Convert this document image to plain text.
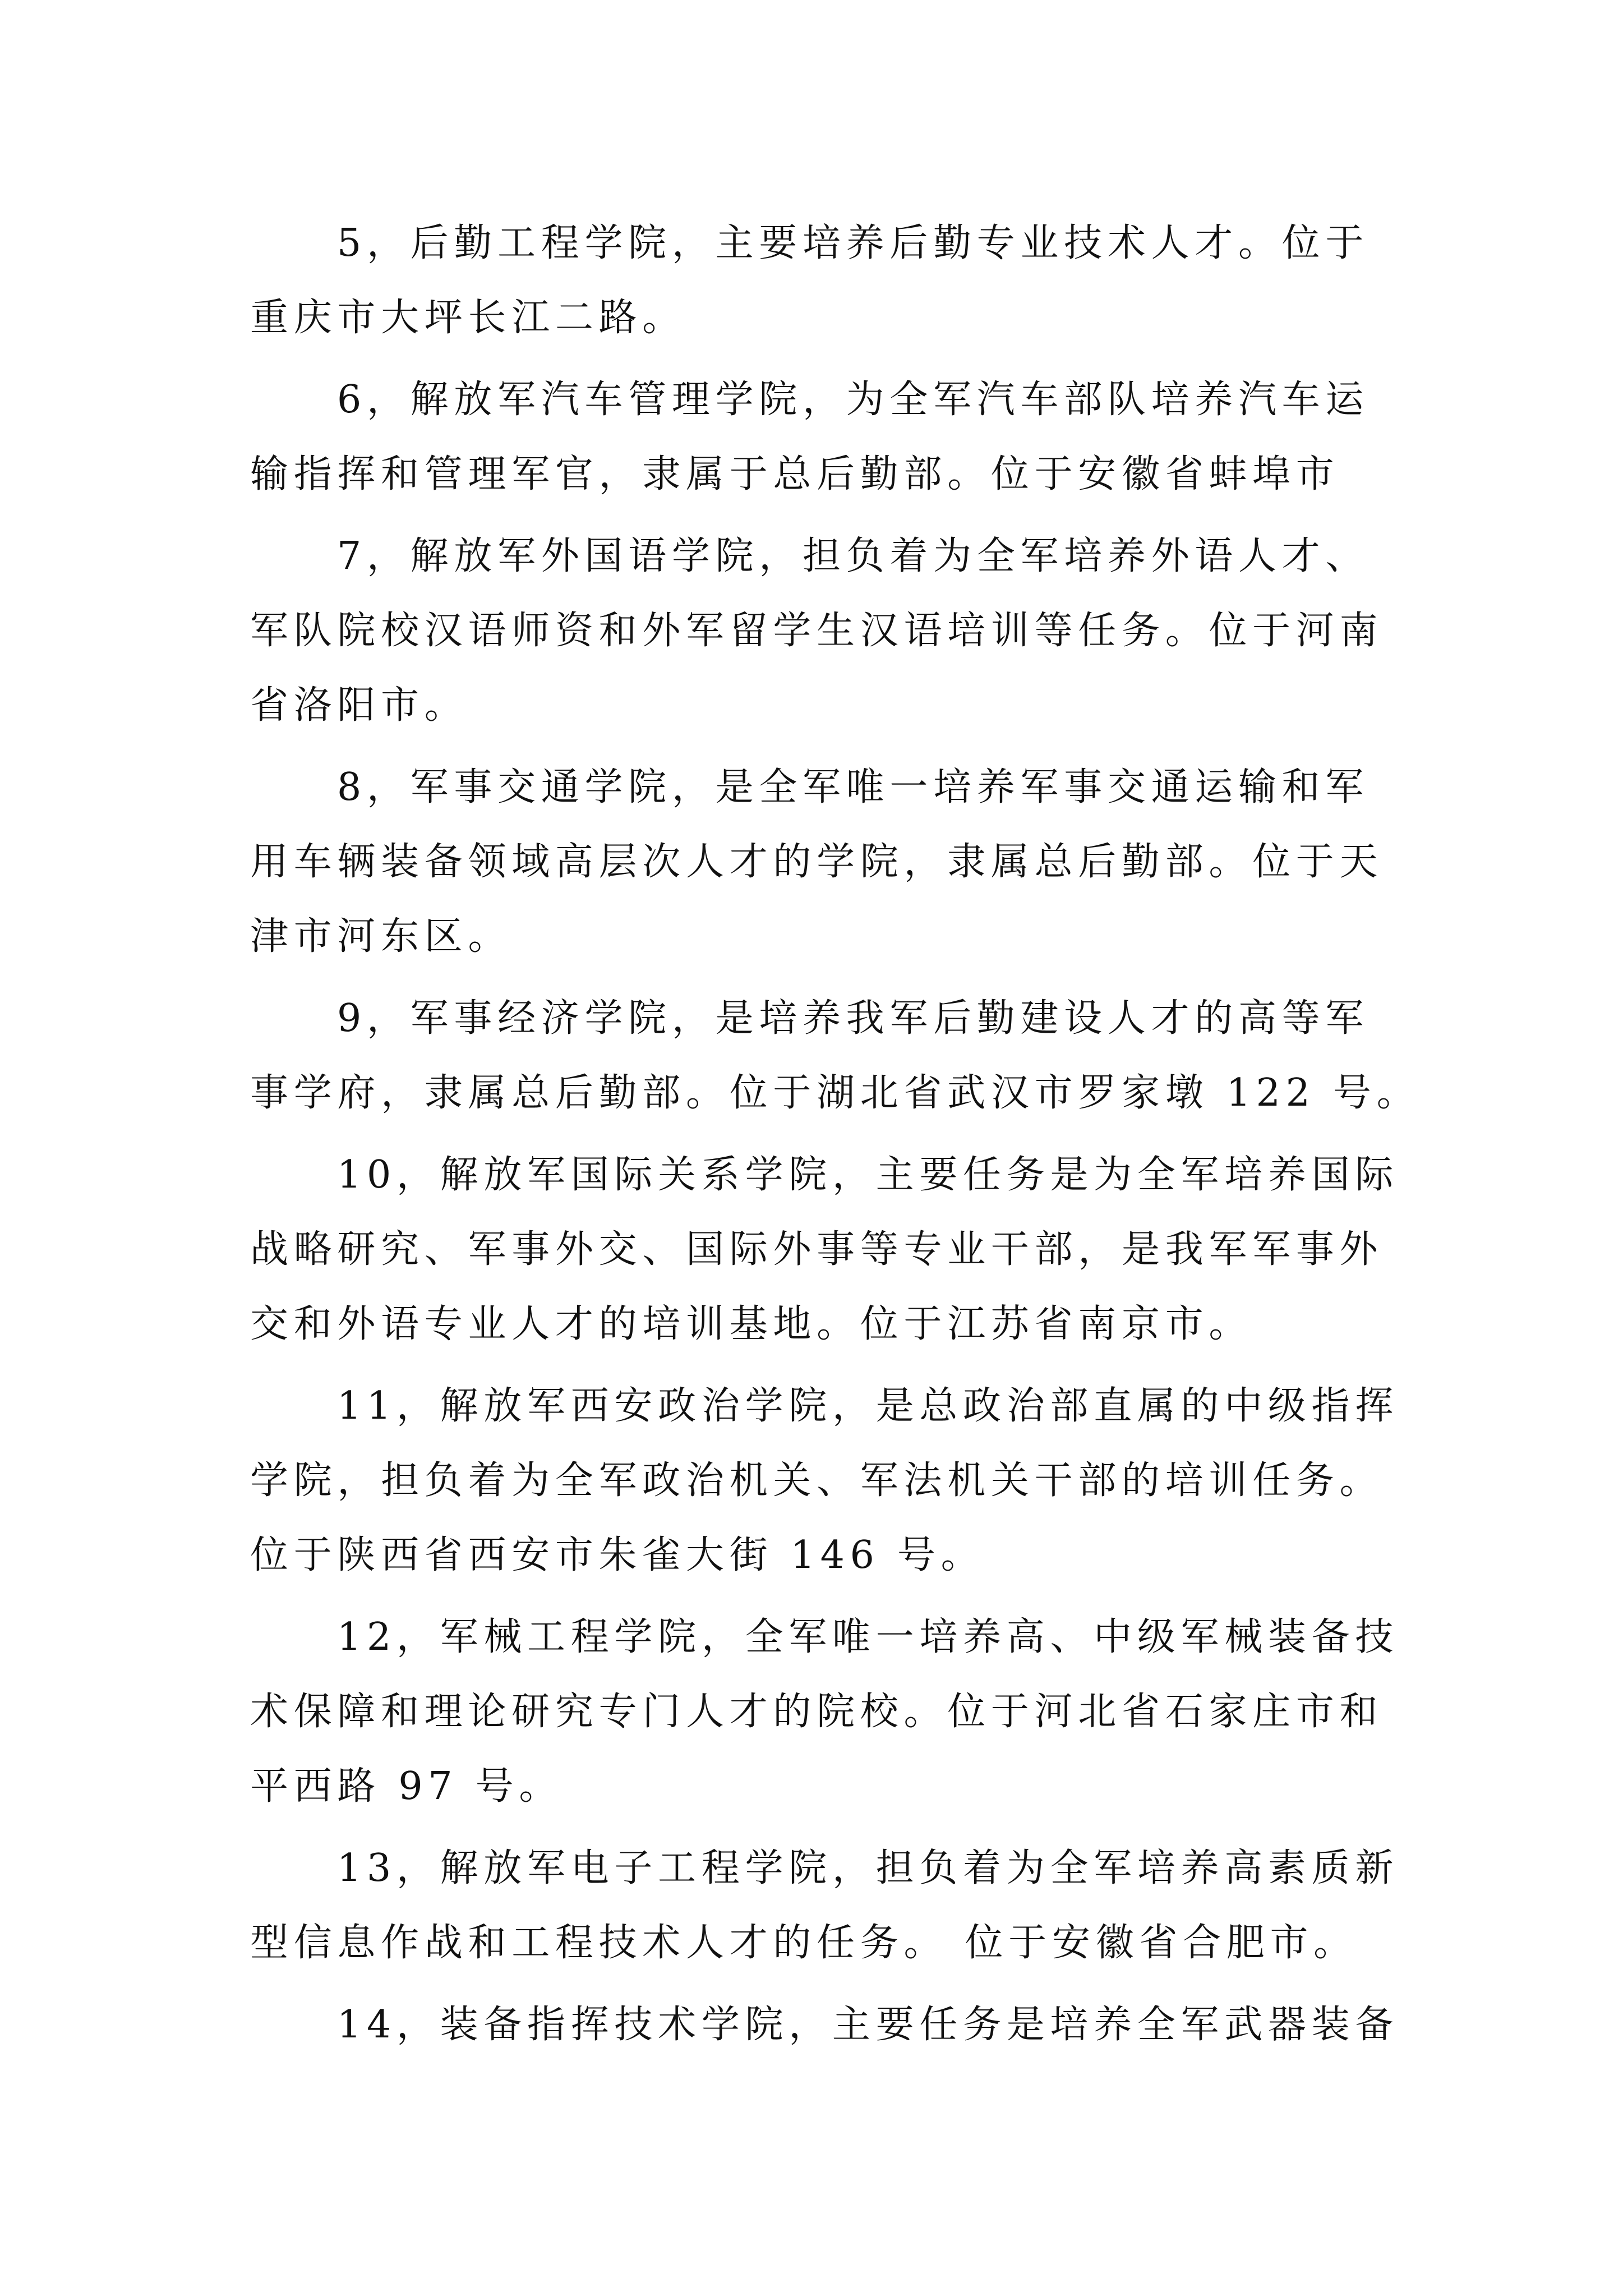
5，后勤工程学院，主要培养后勤专业技术人才。位于
重庆市大坪长江二路。
6，解放军汽车管理学院，为全军汽车部队培养汽车运
输指挥和管理军官，隶属于总后勤部。位于安徽省蚌埠市
7，解放军外国语学院，担负着为全军培养外语人才、
军队院校汉语师资和外军留学生汉语培训等任务。位于河南
省洛阳市。
8，军事交通学院，是全军唯一培养军事交通运输和军
用车辆装备领域高层次人才的学院，隶属总后勤部。位于天
津市河东区。
9，军事经济学院，是培养我军后勤建设人才的高等军
事学府，隶属总后勤部。位于湖北省武汉市罗家墩 122 号。
10，解放军国际关系学院，主要任务是为全军培养国际
战略研究、军事外交、国际外事等专业干部，是我军军事外
交和外语专业人才的培训基地。位于江苏省南京市。
11，解放军西安政治学院，是总政治部直属的中级指挥
学院，担负着为全军政治机关、军法机关干部的培训任务。
位于陕西省西安市朱雀大街 146 号。
12，军械工程学院，全军唯一培养高、中级军械装备技
术保障和理论研究专门人才的院校。位于河北省石家庄市和
平西路 97 号。
13，解放军电子工程学院，担负着为全军培养高素质新
型信息作战和工程技术人才的任务。 位于安徽省合肥市。
14，装备指挥技术学院，主要任务是培养全军武器装备
